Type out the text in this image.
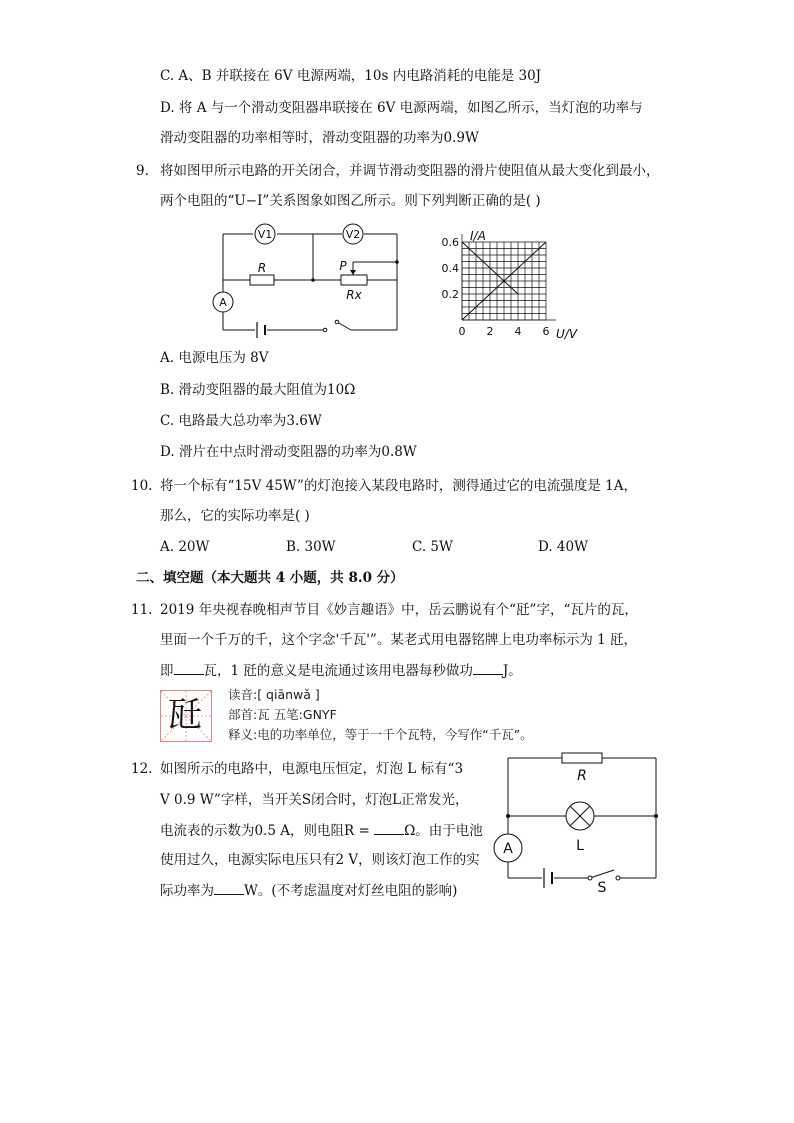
C. A、B 并联接在 6V 电源两端，10s 内电路消耗的电能是 30J
D. 将 A 与一个滑动变阻器串联接在 6V 电源两端，如图乙所示，当灯泡的功率与
滑动变阻器的功率相等时，滑动变阻器的功率为0.9W
9. 将如图甲所示电路的开关闭合，并调节滑动变阻器的滑片使阻值从最大变化到最小，
两个电阻的“U−I”关系图象如图乙所示。则下列判断正确的是( )
V1	V2
A
R	P
Rx
0 2 4 6
0.2
0.4
0.6 I/A
U/V
A. 电源电压为 8V
B. 滑动变阻器的最大阻值为10Ω
C. 电路最大总功率为3.6W
D. 滑片在中点时滑动变阻器的功率为0.8W
10. 将一个标有“15V 45W”的灯泡接入某段电路时，测得通过它的电流强度是 1A，
那么，它的实际功率是( )
A. 20W	B. 30W	C. 5W	D. 40W
二、填空题（本大题共 4 小题，共 8.0 分）
11. 2019 年央视春晚相声节目《妙言趣语》中，岳云鹏说有个“瓩”字，“瓦片的瓦，
里面一个千万的千，这个字念'千瓦'”。某老式用电器铭牌上电功率标示为 1 瓩，
即 瓦，1 瓩的意义是电流通过该用电器每秒做功 J。
瓩
读音:[ qiānwǎ ]
部首:瓦 五笔:GNYF
释义:电的功率单位，等于一千个瓦特，今写作“千瓦”。
12. 如图所示的电路中，电源电压恒定，灯泡 L 标有“3
V 0.9 W”字样，当开关S闭合时，灯泡L正常发光，
电流表的示数为0.5 A，则电阻R = Ω。由于电池
使用过久，电源实际电压只有2 V，则该灯泡工作的实
际功率为 W。(不考虑温度对灯丝电阻的影响)
R
L
A
S
